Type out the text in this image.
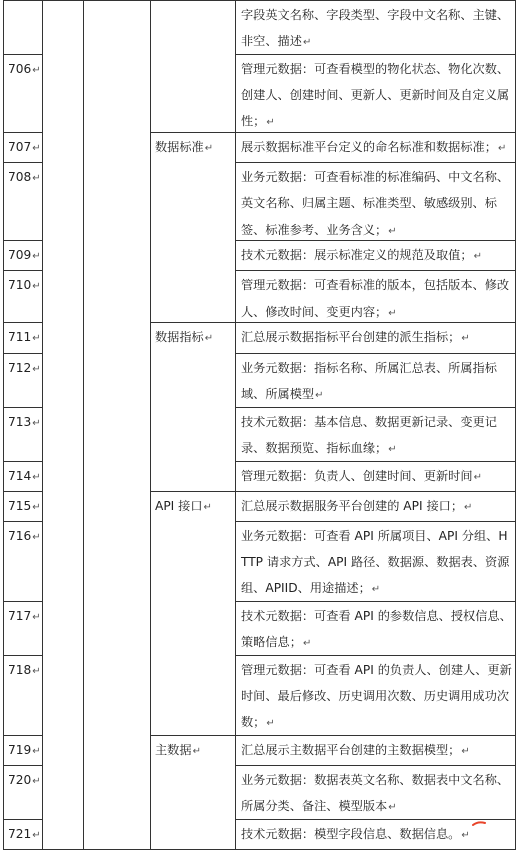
				字段英文名称、字段类型、字段中文名称、主键、非空、描述↵

706↵				管理元数据：可查看模型的物化状态、物化次数、创建人、创建时间、更新人、更新时间及自定义属性；↵

707↵			数据标准↵	展示数据标准平台定义的命名标准和数据标准；↵

708↵				业务元数据：可查看标准的标准编码、中文名称、英文名称、归属主题、标准类型、敏感级别、标签、标准参考、业务含义；↵

709↵				技术元数据：展示标准定义的规范及取值；↵

710↵				管理元数据：可查看标准的版本，包括版本、修改人、修改时间、变更内容；↵

711↵			数据指标↵	汇总展示数据指标平台创建的派生指标；↵

712↵				业务元数据：指标名称、所属汇总表、所属指标域、所属模型↵

713↵				技术元数据：基本信息、数据更新记录、变更记录、数据预览、指标血缘；↵

714↵				管理元数据：负责人、创建时间、更新时间↵

715↵			API 接口↵	汇总展示数据服务平台创建的 API 接口；↵

716↵				业务元数据：可查看 API 所属项目、API 分组、HTTP 请求方式、API 路径、数据源、数据表、资源组、APIID、用途描述；↵

717↵				技术元数据：可查看 API 的参数信息、授权信息、策略信息；↵

718↵				管理元数据：可查看 API 的负责人、创建人、更新时间、最后修改、历史调用次数、历史调用成功次数；↵

719↵			主数据↵	汇总展示主数据平台创建的主数据模型；↵

720↵				业务元数据：数据表英文名称、数据表中文名称、所属分类、备注、模型版本↵

721↵				技术元数据：模型字段信息、数据信息。↵
